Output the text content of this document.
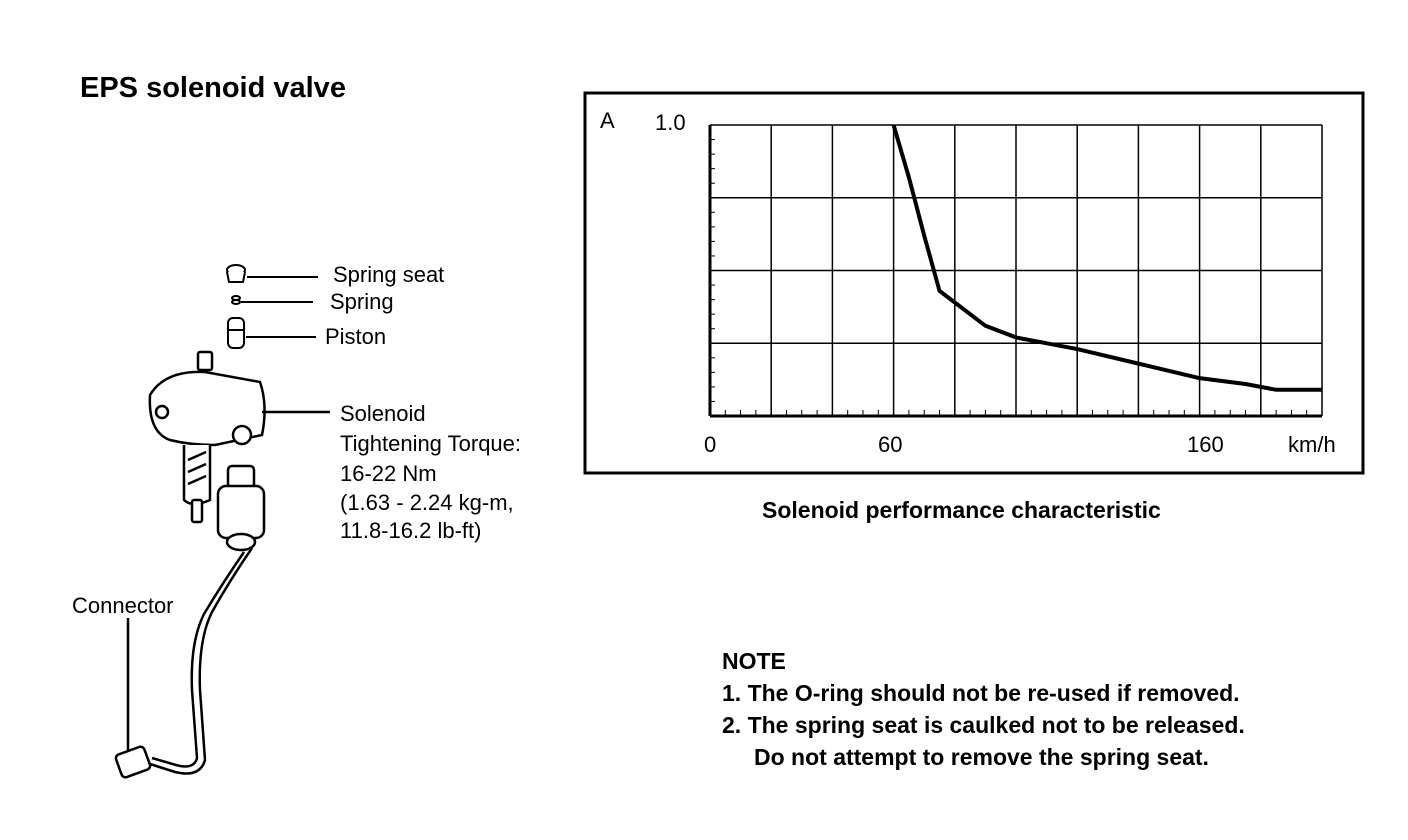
EPS solenoid valve
Spring seat
Spring
Piston
Solenoid
Tightening Torque:
16-22 Nm
(1.63 - 2.24 kg-m,
11.8-16.2 lb-ft)
Connector
A 1.0
0	60	160	km/h
Solenoid performance characteristic
NOTE
1. The O-ring should not be re-used if removed.
2. The spring seat is caulked not to be released.
Do not attempt to remove the spring seat.
